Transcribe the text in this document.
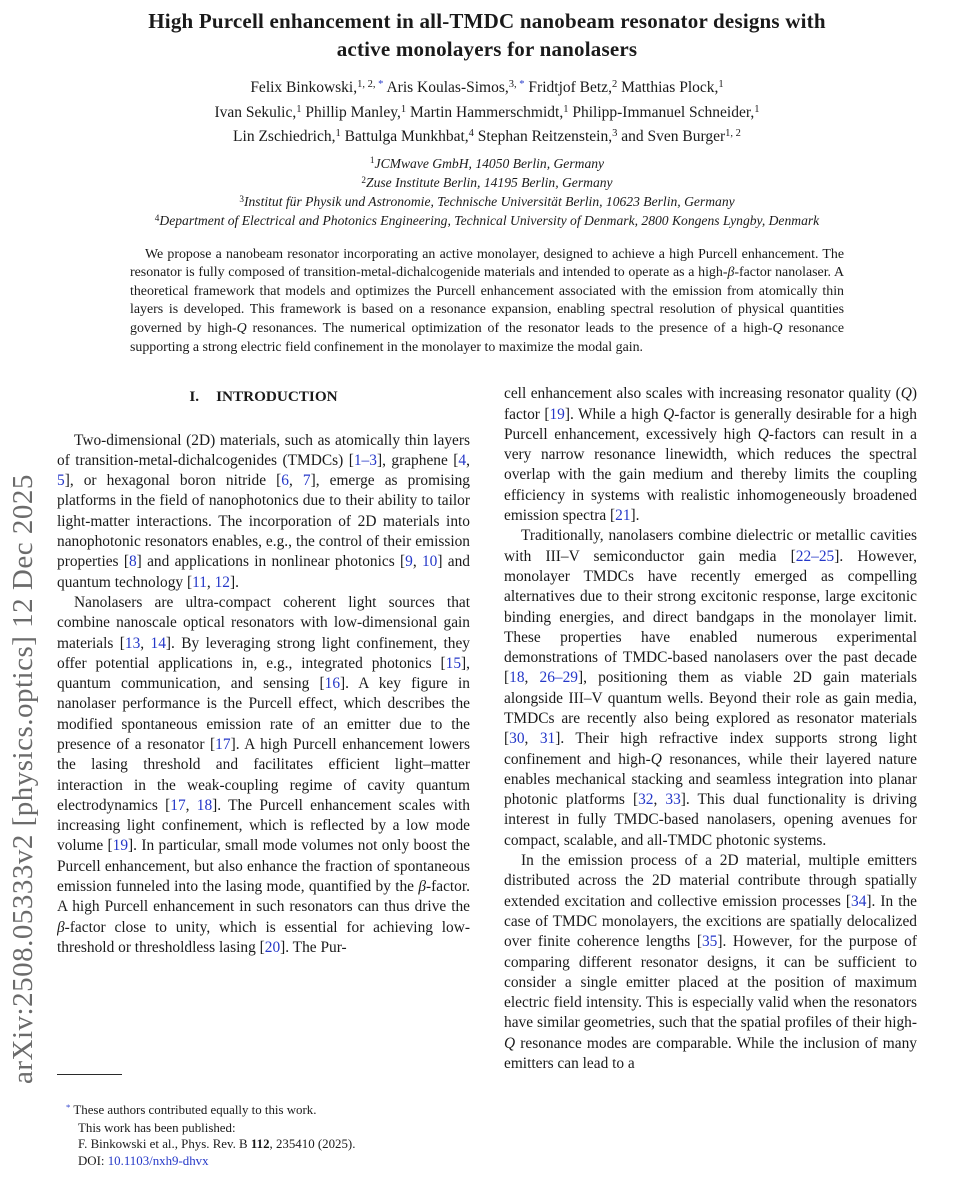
arXiv:2508.05333v2 [physics.optics] 12 Dec 2025
High Purcell enhancement in all-TMDC nanobeam resonator designs with
active monolayers for nanolasers
Felix Binkowski,$^{1, 2,}$ * Aris Koulas-Simos,$^{3,}$ * Fridtjof Betz,$^2$ Matthias Plock,$^1$
Ivan Sekulic,$^1$ Phillip Manley,$^1$ Martin Hammerschmidt,$^1$ Philipp-Immanuel Schneider,$^1$
Lin Zschiedrich,$^1$ Battulga Munkhbat,$^4$ Stephan Reitzenstein,$^3$ and Sven Burger$^{1, 2}$
$^1$JCMwave GmbH, 14050 Berlin, Germany
$^2$Zuse Institute Berlin, 14195 Berlin, Germany
$^3$Institut für Physik und Astronomie, Technische Universität Berlin, 10623 Berlin, Germany
$^4$Department of Electrical and Photonics Engineering, Technical University of Denmark, 2800 Kongens Lyngby, Denmark
We propose a nanobeam resonator incorporating an active monolayer, designed to achieve a high Purcell enhancement. The resonator is fully composed of transition-metal-dichalcogenide materials and intended to operate as a high-β-factor nanolaser. A theoretical framework that models and optimizes the Purcell enhancement associated with the emission from atomically thin layers is developed. This framework is based on a resonance expansion, enabling spectral resolution of physical quantities governed by high-Q resonances. The numerical optimization of the resonator leads to the presence of a high-Q resonance supporting a strong electric field confinement in the monolayer to maximize the modal gain.
I. INTRODUCTION

Two-dimensional (2D) materials, such as atomically thin layers of transition-metal-dichalcogenides (TMDCs) [1–3], graphene [4, 5], or hexagonal boron nitride [6, 7], emerge as promising platforms in the field of nanophotonics due to their ability to tailor light-matter interactions. The incorporation of 2D materials into nanophotonic resonators enables, e.g., the control of their emission properties [8] and applications in nonlinear photonics [9, 10] and quantum technology [11, 12].

Nanolasers are ultra-compact coherent light sources that combine nanoscale optical resonators with low-dimensional gain materials [13, 14]. By leveraging strong light confinement, they offer potential applications in, e.g., integrated photonics [15], quantum communication, and sensing [16]. A key figure in nanolaser performance is the Purcell effect, which describes the modified spontaneous emission rate of an emitter due to the presence of a resonator [17]. A high Purcell enhancement lowers the lasing threshold and facilitates efficient light–matter interaction in the weak-coupling regime of cavity quantum electrodynamics [17, 18]. The Purcell enhancement scales with increasing light confinement, which is reflected by a low mode volume [19]. In particular, small mode volumes not only boost the Purcell enhancement, but also enhance the fraction of spontaneous emission funneled into the lasing mode, quantified by the β-factor. A high Purcell enhancement in such resonators can thus drive the β-factor close to unity, which is essential for achieving low-threshold or thresholdless lasing [20]. The Pur-

* These authors contributed equally to this work.
This work has been published:
F. Binkowski et al., Phys. Rev. B 112, 235410 (2025).
DOI: 10.1103/nxh9-dhvx

cell enhancement also scales with increasing resonator quality (Q) factor [19]. While a high Q-factor is generally desirable for a high Purcell enhancement, excessively high Q-factors can result in a very narrow resonance linewidth, which reduces the spectral overlap with the gain medium and thereby limits the coupling efficiency in systems with realistic inhomogeneously broadened emission spectra [21].

Traditionally, nanolasers combine dielectric or metallic cavities with III–V semiconductor gain media [22–25]. However, monolayer TMDCs have recently emerged as compelling alternatives due to their strong excitonic response, large excitonic binding energies, and direct bandgaps in the monolayer limit. These properties have enabled numerous experimental demonstrations of TMDC-based nanolasers over the past decade [18, 26–29], positioning them as viable 2D gain materials alongside III–V quantum wells. Beyond their role as gain media, TMDCs are recently also being explored as resonator materials [30, 31]. Their high refractive index supports strong light confinement and high-Q resonances, while their layered nature enables mechanical stacking and seamless integration into planar photonic platforms [32, 33]. This dual functionality is driving interest in fully TMDC-based nanolasers, opening avenues for compact, scalable, and all-TMDC photonic systems.

In the emission process of a 2D material, multiple emitters distributed across the 2D material contribute through spatially extended excitation and collective emission processes [34]. In the case of TMDC monolayers, the excitions are spatially delocalized over finite coherence lengths [35]. However, for the purpose of comparing different resonator designs, it can be sufficient to consider a single emitter placed at the position of maximum electric field intensity. This is especially valid when the resonators have similar geometries, such that the spatial profiles of their high-Q resonance modes are comparable. While the inclusion of many emitters can lead to a
